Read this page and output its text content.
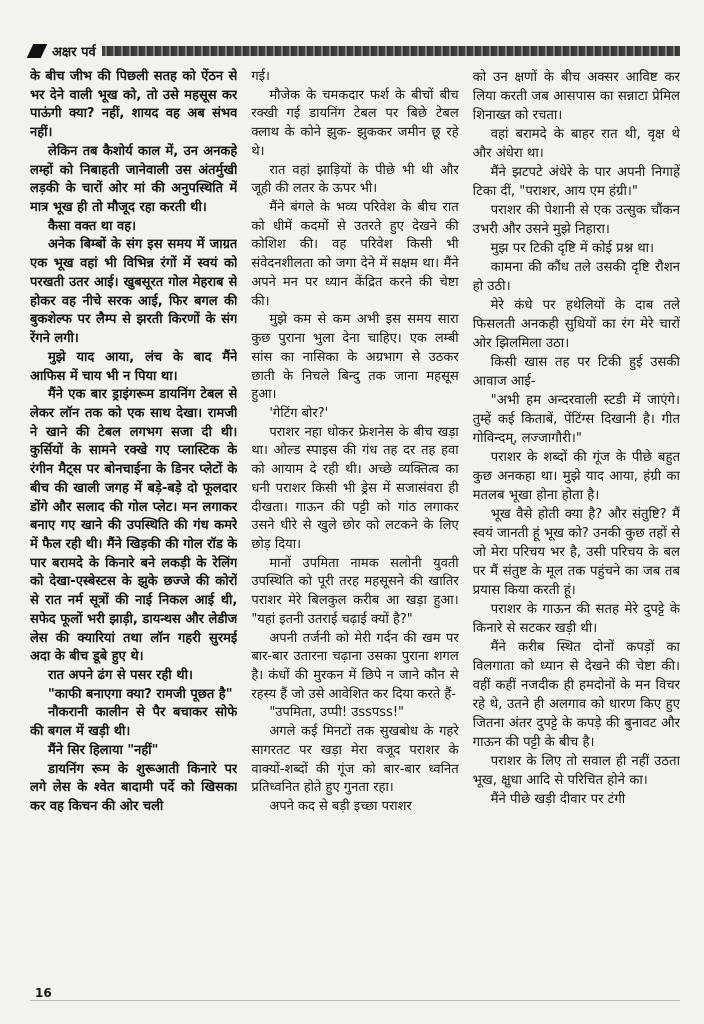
अक्षर पर्व

के बीच जीभ की पिछली सतह को ऐंठन से भर देने वाली भूख को, तो उसे महसूस कर पाऊंगी क्या? नहीं, शायद वह अब संभव नहीं।

लेकिन तब कैशोर्य काल में, उन अनकहे लम्हों को निबाहती जानेवाली उस अंतर्मुखी लड़की के चारों ओर मां की अनुपस्थिति में मात्र भूख ही तो मौजूद रहा करती थी।

कैसा वक्त था वह।

अनेक बिम्बों के संग इस समय में जाग्रत एक भूख वहां भी विभिन्न रंगों में स्वयं को परखती उतर आई। खुबसूरत गोल मेहराब से होकर वह नीचे सरक आई, फिर बगल की बुकशेल्फ पर लैम्प से झरती किरणों के संग रेंगने लगी।

मुझे याद आया, लंच के बाद मैंने आफिस में चाय भी न पिया था।

मैंने एक बार ड्राइंगरूम डायनिंग टेबल से लेकर लॉन तक को एक साथ देखा। रामजी ने खाने की टेबल लगभग सजा दी थी। कुर्सियों के सामने रक्खे गए प्लास्टिक के रंगीन मैट्स पर बोनचाईना के डिनर प्लेटों के बीच की खाली जगह में बड़े-बड़े दो फूलदार डोंगे और सलाद की गोल प्लेट। मन लगाकर बनाए गए खाने की उपस्थिति की गंध कमरे में फैल रही थी। मैंने खिड़की की गोल रॉड के पार बरामदे के किनारे बने लकड़ी के रेलिंग को देखा-एस्बेस्टस के झुके छज्जे की कोरों से रात नर्म सूत्रों की नाई निकल आई थी, सफेद फूलों भरी झाड़ी, डायन्थस और लेडीज लेस की क्यारियां तथा लॉन गहरी सुरमई अदा के बीच डूबे हुए थे।

रात अपने ढंग से पसर रही थी।

"काफी बनाएगा क्या? रामजी पूछत है"

नौकरानी कालीन से पैर बचाकर सोफे की बगल में खड़ी थी।

मैंने सिर हिलाया "नहीं"

डायनिंग रूम के शुरूआती किनारे पर लगे लेस के श्वेत बादामी पर्दे को खिसका कर वह किचन की ओर चली

गई।

मौजेक के चमकदार फर्श के बीचों बीच रक्खी गई डायनिंग टेबल पर बिछे टेबल क्लाथ के कोने झुक- झुककर जमीन छू रहे थे।

रात वहां झाड़ियों के पीछे भी थी और जूही की लतर के ऊपर भी।

मैंने बंगले के भव्य परिवेश के बीच रात को धीमें कदमों से उतरते हुए देखने की कोशिश की। वह परिवेश किसी भी संवेदनशीलता को जगा देने में सक्षम था। मैंने अपने मन पर ध्यान केंद्रित करने की चेष्टा की।

मुझे कम से कम अभी इस समय सारा कुछ पुराना भुला देना चाहिए। एक लम्बी सांस का नासिका के अग्रभाग से उठकर छाती के निचले बिन्दु तक जाना महसूस हुआ।

'गेटिंग बोर?'

पराशर नहा धोकर फ्रेशनेस के बीच खड़ा था। ओल्ड स्पाइस की गंध तह दर तह हवा को आयाम दे रही थी। अच्छे व्यक्तित्व का धनी पराशर किसी भी ड्रेस में सजासंवरा ही दीखता। गाऊन की पट्टी को गांठ लगाकर उसने धीरे से खुले छोर को लटकने के लिए छोड़ दिया।

मानों उपमिता नामक सलोनी युवती उपस्थिति को पूरी तरह महसूसने की खातिर पराशर मेरे बिलकुल करीब आ खड़ा हुआ। "यहां इतनी उतराई चढ़ाई क्यों है?"

अपनी तर्जनी को मेरी गर्दन की खम पर बार-बार उतारना चढ़ाना उसका पुराना शगल है। कंधों की मुरकन में छिपे न जाने कौन से रहस्य हैं जो उसे आवेशित कर दिया करते हैं-

"उपमिता, उप्पी! उssपss!"

अगले कई मिनटों तक सुखबोध के गहरे सागरतट पर खड़ा मेरा वजूद पराशर के वाक्यों-शब्दों की गूंज को बार-बार ध्वनित प्रतिध्वनित होते हुए गुनता रहा।

अपने कद से बड़ी इच्छा पराशर

को उन क्षणों के बीच अक्सर आविष्ट कर लिया करती जब आसपास का सन्नाटा प्रेमिल शिनाख्त को रचता।

वहां बरामदे के बाहर रात थी, वृक्ष थे और अंधेरा था।

मैंने झटपटे अंधेरे के पार अपनी निगाहें टिका दीं, "पराशर, आय एम हंग्री।"

पराशर की पेशानी से एक उत्सुक चौंकन उभरी और उसने मुझे निहारा।

मुझ पर टिकी दृष्टि में कोई प्रश्न था।

कामना की कौंध तले उसकी दृष्टि रौशन हो उठी।

मेरे कंधे पर हथेलियों के दाब तले फिसलती अनकही सुधियों का रंग मेरे चारों ओर झिलमिला उठा।

किसी खास तह पर टिकी हुई उसकी आवाज आई-

"अभी हम अन्दरवाली स्टडी में जाएंगे। तुम्हें कई किताबें, पेंटिंग्स दिखानी है। गीत गोविन्दम्, लज्जागौरी।"

पराशर के शब्दों की गूंज के पीछे बहुत कुछ अनकहा था। मुझे याद आया, हंग्री का मतलब भूखा होना होता है।

भूख वैसे होती क्या है? और संतुष्टि? मैं स्वयं जानती हूं भूख को? उनकी कुछ तहों से जो मेरा परिचय भर है, उसी परिचय के बल पर मैं संतुष्ट के मूल तक पहुंचने का जब तब प्रयास किया करती हूं।

पराशर के गाऊन की सतह मेरे दुपट्टे के किनारे से सटकर खड़ी थी।

मैंने करीब स्थित दोनों कपड़ों का विलगाता को ध्यान से देखने की चेष्टा की। वहीं कहीं नजदीक ही हमदोनों के मन विचर रहे थे, उतने ही अलगाव को धारण किए हुए जितना अंतर दुपट्टे के कपड़े की बुनावट और गाऊन की पट्टी के बीच है।

पराशर के लिए तो सवाल ही नहीं उठता भूख, क्षुधा आदि से परिचित होने का।

मैंने पीछे खड़ी दीवार पर टंगी

16
